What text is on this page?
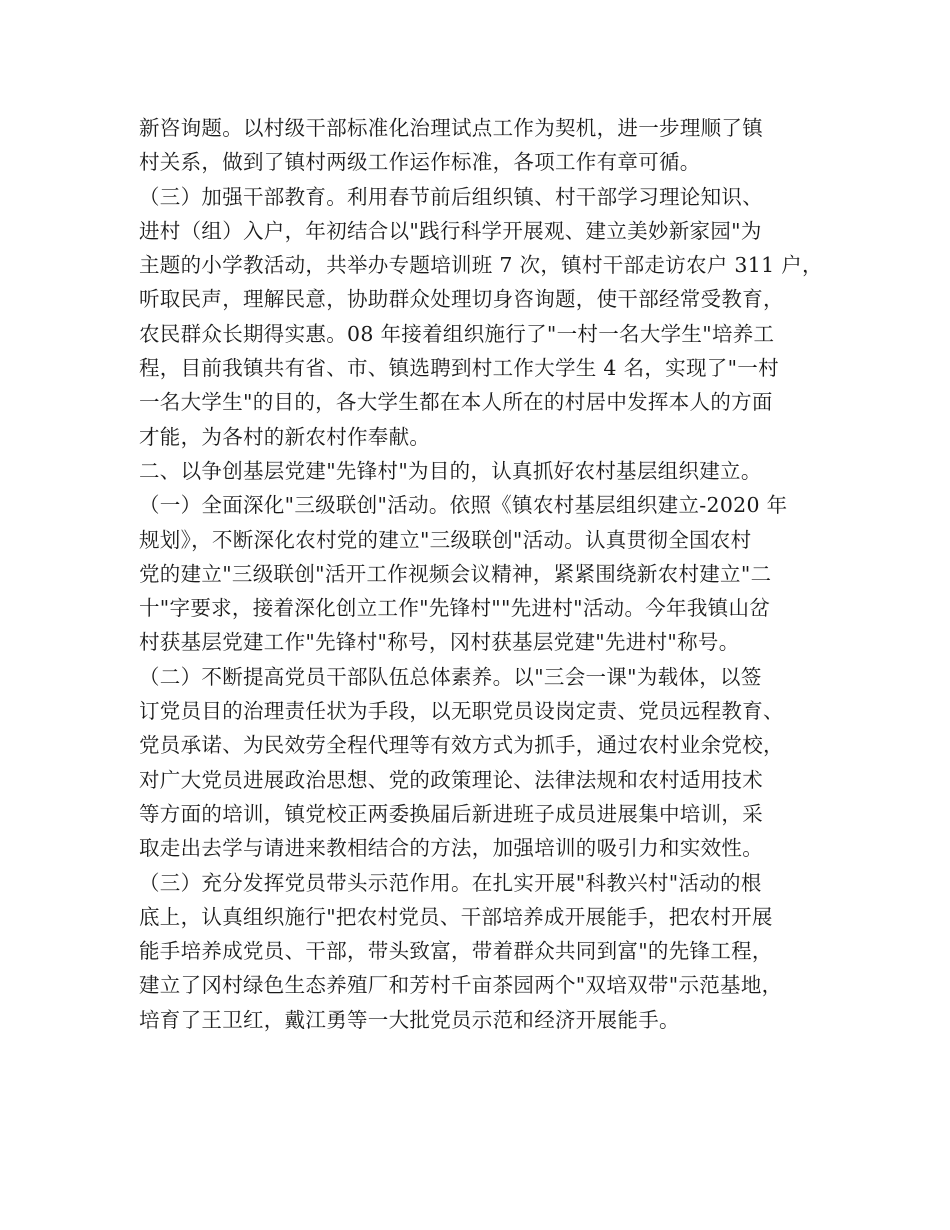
新咨询题。以村级干部标准化治理试点工作为契机，进一步理顺了镇
村关系，做到了镇村两级工作运作标准，各项工作有章可循。
（三）加强干部教育。利用春节前后组织镇、村干部学习理论知识、
进村（组）入户，年初结合以"践行科学开展观、建立美妙新家园"为
主题的小学教活动，共举办专题培训班 7 次，镇村干部走访农户 311 户，
听取民声，理解民意，协助群众处理切身咨询题，使干部经常受教育，
农民群众长期得实惠。08 年接着组织施行了"一村一名大学生"培养工
程，目前我镇共有省、市、镇选聘到村工作大学生 4 名，实现了"一村
一名大学生"的目的，各大学生都在本人所在的村居中发挥本人的方面
才能，为各村的新农村作奉献。
二、以争创基层党建"先锋村"为目的，认真抓好农村基层组织建立。
（一）全面深化"三级联创"活动。依照《镇农村基层组织建立-2020 年
规划》，不断深化农村党的建立"三级联创"活动。认真贯彻全国农村
党的建立"三级联创"活开工作视频会议精神，紧紧围绕新农村建立"二
十"字要求，接着深化创立工作"先锋村""先进村"活动。今年我镇山岔
村获基层党建工作"先锋村"称号，冈村获基层党建"先进村"称号。
（二）不断提高党员干部队伍总体素养。以"三会一课"为载体，以签
订党员目的治理责任状为手段，以无职党员设岗定责、党员远程教育、
党员承诺、为民效劳全程代理等有效方式为抓手，通过农村业余党校，
对广大党员进展政治思想、党的政策理论、法律法规和农村适用技术
等方面的培训，镇党校正两委换届后新进班子成员进展集中培训，采
取走出去学与请进来教相结合的方法，加强培训的吸引力和实效性。
（三）充分发挥党员带头示范作用。在扎实开展"科教兴村"活动的根
底上，认真组织施行"把农村党员、干部培养成开展能手，把农村开展
能手培养成党员、干部，带头致富，带着群众共同到富"的先锋工程，
建立了冈村绿色生态养殖厂和芳村千亩茶园两个"双培双带"示范基地，
培育了王卫红，戴江勇等一大批党员示范和经济开展能手。
